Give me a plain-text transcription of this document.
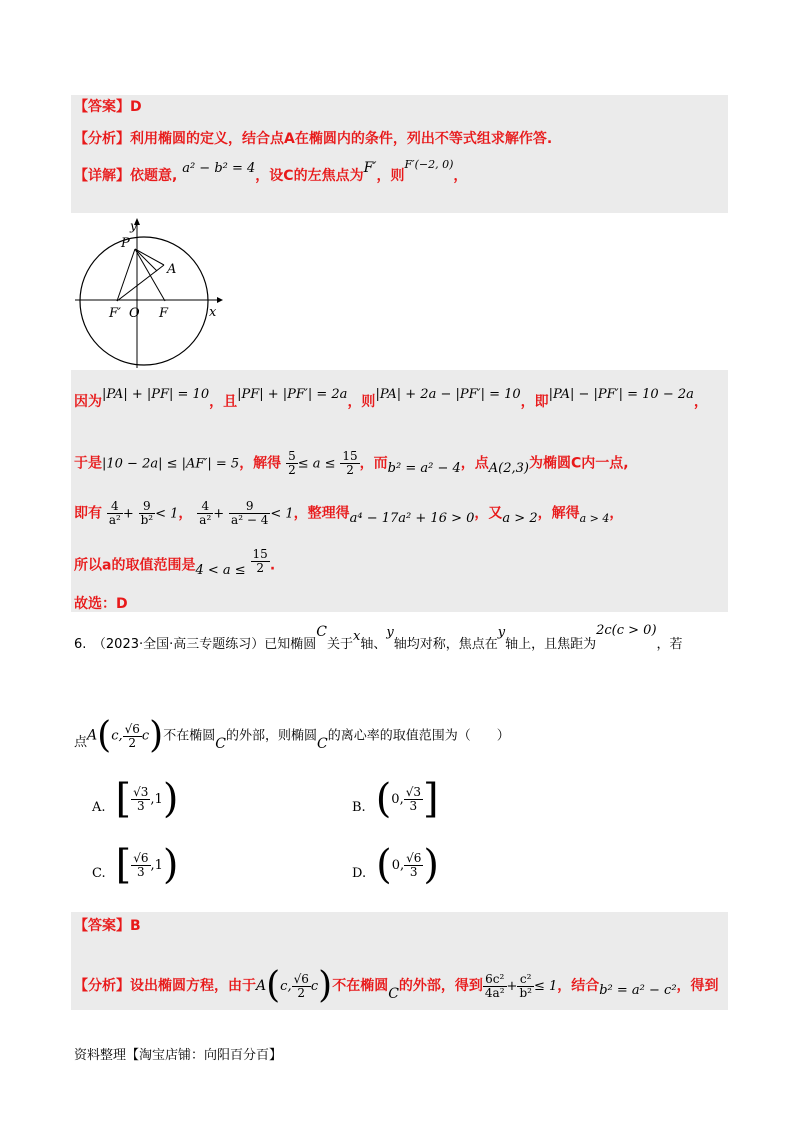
【答案】D
【分析】利用椭圆的定义，结合点A在椭圆内的条件，列出不等式组求解作答.
【详解】依题意, a² − b² = 4，设C的左焦点为F′，则$^{F'(-2, 0)}$，
y
P
A
F′ O F	x
因为|PA| + |PF| = 10，且|PF| + |PF′| = 2a，则|PA| + 2a − |PF′| = 10，即|PA| − |PF′| = 10 − 2a，
于是|10 − 2a| ≤ |AF′| = 5，解得 $\frac{5}{2} \le a \le \frac{15}{2}$ ，而b² = a² − 4，点A(2,3)为椭圆C内一点,
即有 $\frac{4}{\text{a²}} + \frac{9}{\text{b²}} < 1$， $\frac{4}{\text{a²}} + \frac{9}{\text{a² − 4}} < 1$，整理得a⁴ − 17a² + 16 > 0，又a > 2，解得$_{a > 4}$，
所以a的取值范围是$4 < a \le \frac{15}{2}$ .
故选：D
6.　（2023·全国·高三专题练习）已知椭圆C关于x轴、y轴均对称，焦点在y轴上，且焦距为2c(c > 0)，若
点A(c, $\frac{√6}{2} c$)不在椭圆C的外部，则椭圆C的离心率的取值范围为（　　）
A. [ $\frac{√3}{3} ,1$ )	B. ( 0, $\frac{√3}{3}$ ]
C. [ $\frac{√6}{3} ,1$ )	D. ( 0, $\frac{√6}{3}$ )
【答案】B
【分析】设出椭圆方程，由于A(c, $\frac{√6}{2} c$)不在椭圆C的外部，得到 $\frac{\text{6c²}}{\text{4a²}} + \frac{\text{c²}}{\text{b²}} \le 1$，结合b² = a² − c²，得到
资料整理【淘宝店铺：向阳百分百】
